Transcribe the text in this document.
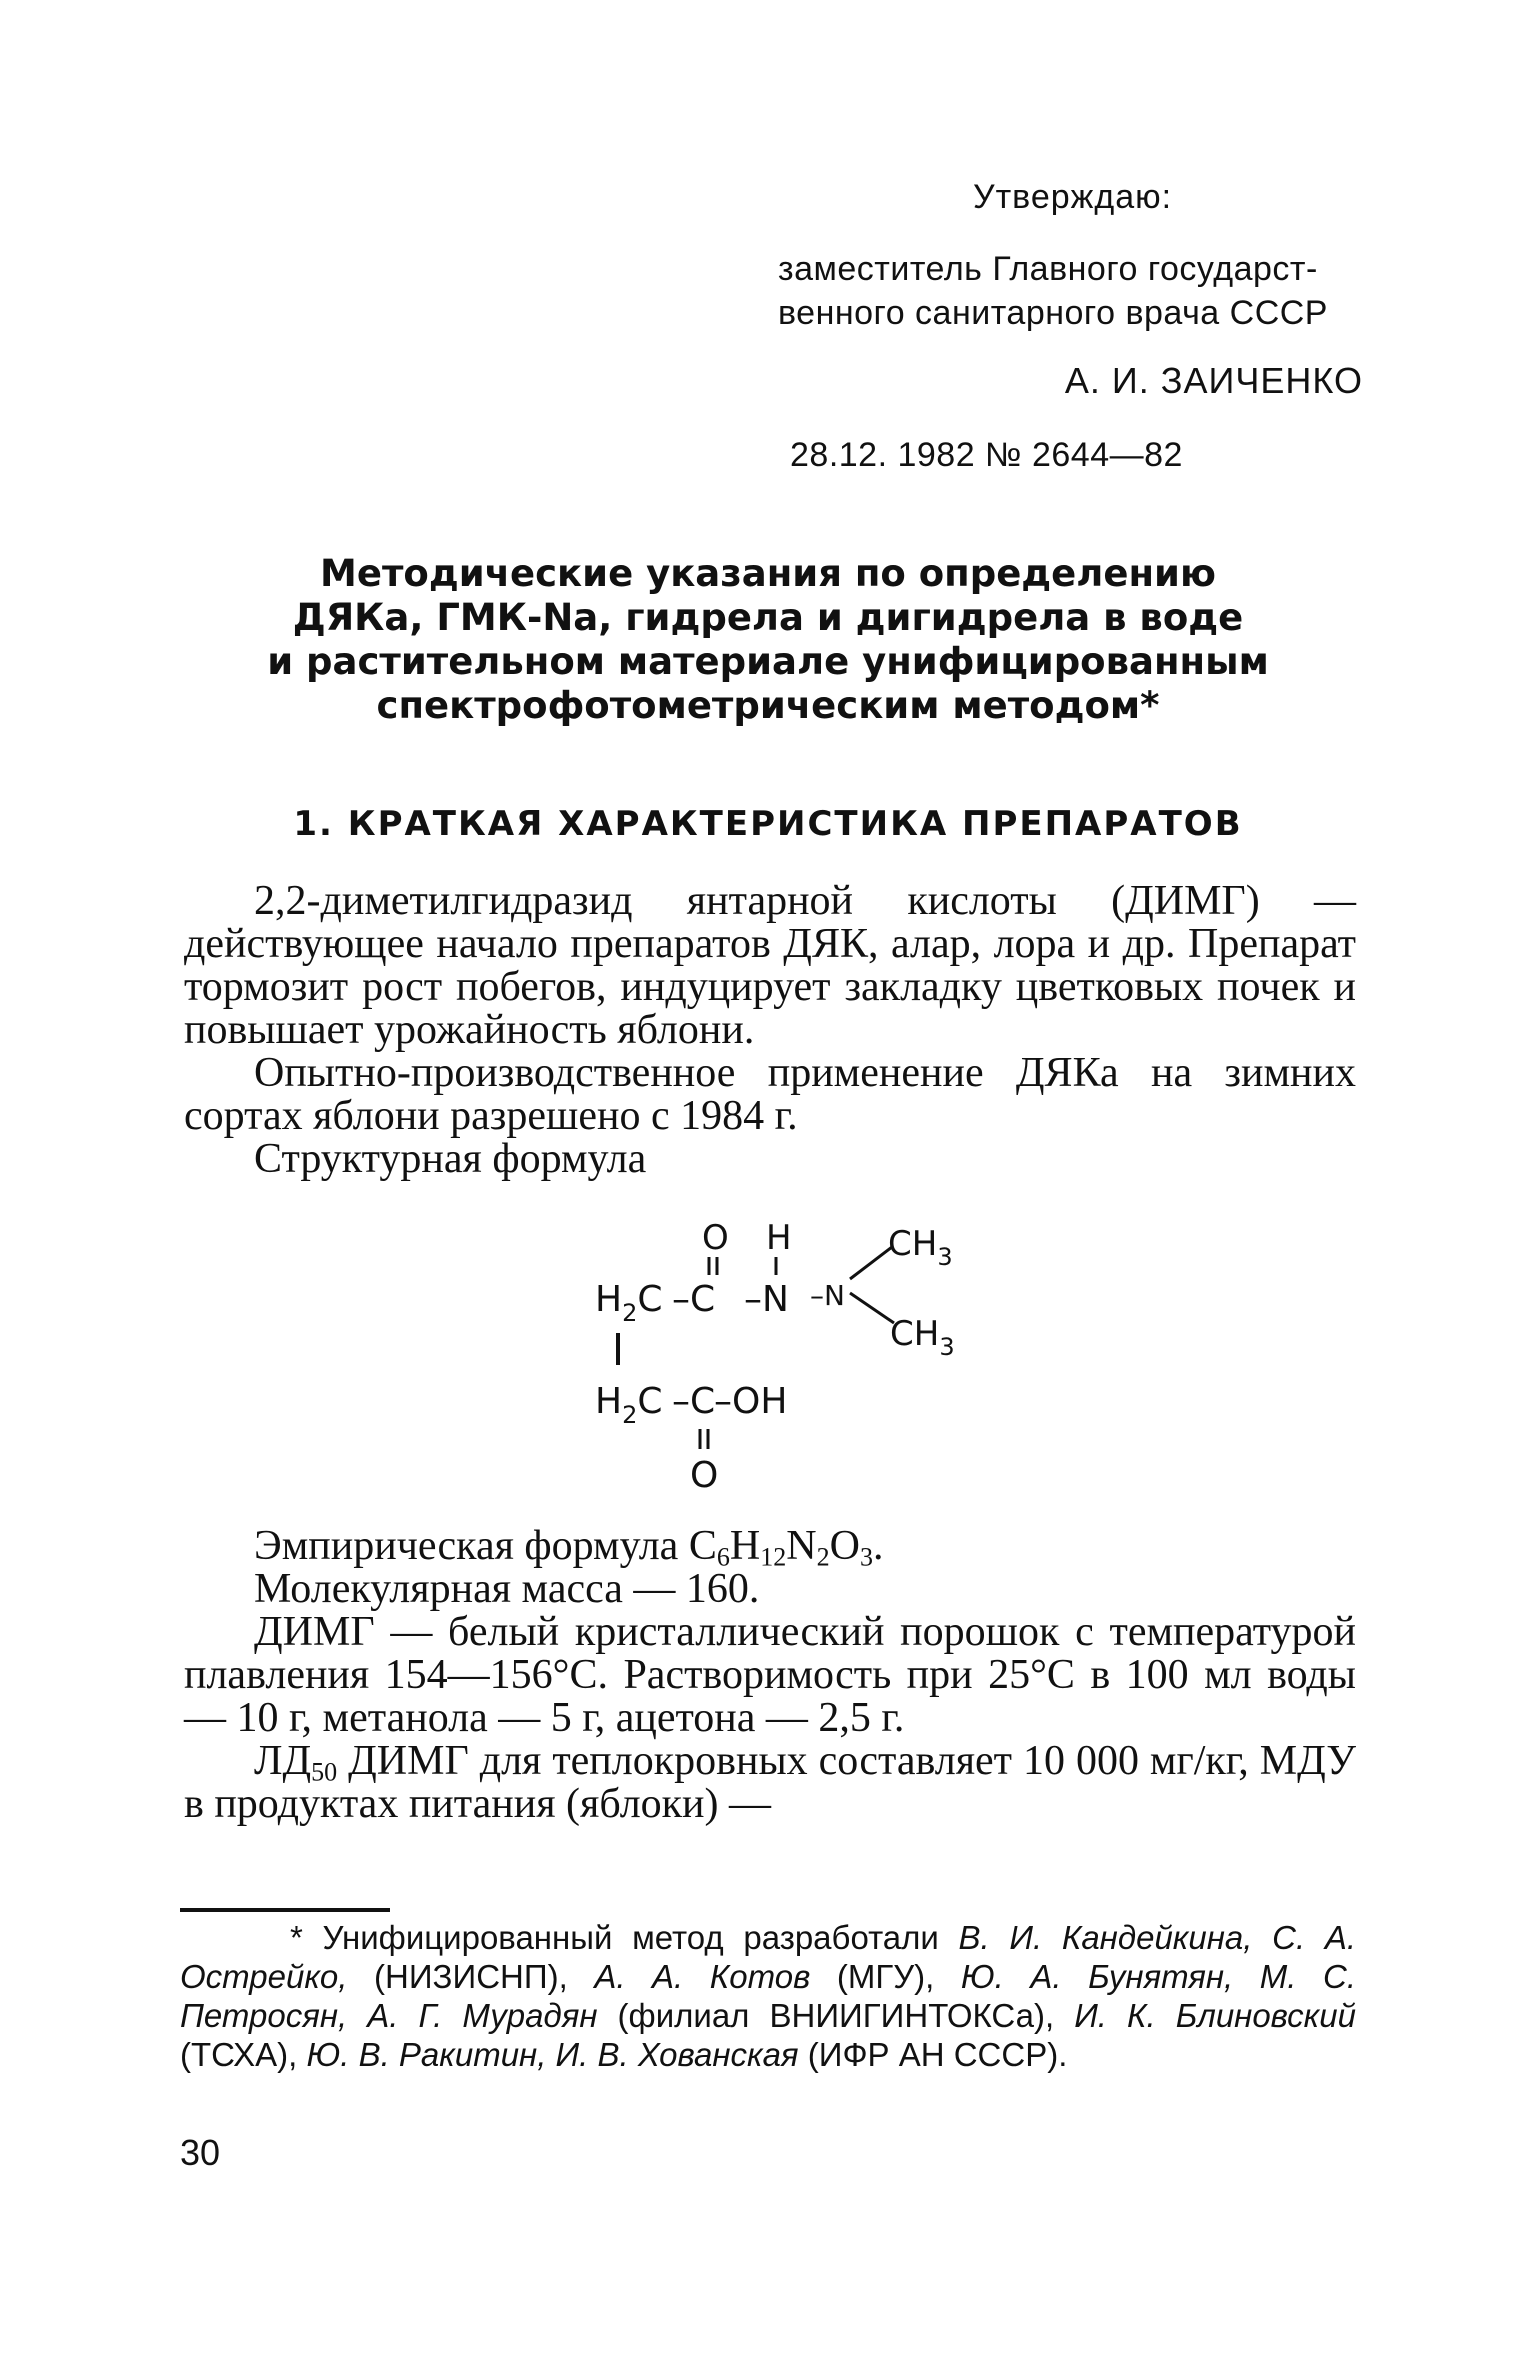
Утверждаю:
заместитель Главного государст-
венного санитарного врача СССР
А. И. ЗАИЧЕНКО
28.12. 1982 № 2644—82
Методические указания по определению
ДЯКа, ГМК-Na, гидрела и дигидрела в воде
и растительном материале унифицированным
спектрофотометрическим методом*
1. КРАТКАЯ ХАРАКТЕРИСТИКА ПРЕПАРАТОВ

2,2-диметилгидразид янтарной кислоты (ДИМГ) — действующее начало препаратов ДЯК, алар, лора и др. Препарат тормозит рост побегов, индуцирует закладку цветковых почек и повышает урожайность яблони.

Опытно-производственное применение ДЯКа на зимних сортах яблони разрешено с 1984 г.

Структурная формула

O H	$CH_3$
$H_2C$ –C –N –N
$CH_3$
$H_2C$ –C
–OH
O

Эмпирическая формула $C_6H_{12}N_2O_3$.

Молекулярная масса — 160.

ДИМГ — белый кристаллический порошок с температурой плавления 154—156°С. Растворимость при 25°С в 100 мл воды — 10 г, метанола — 5 г, ацетона — 2,5 г.

$ЛД_{50}$ ДИМГ для теплокровных составляет 10 000 мг/кг, МДУ в продуктах питания (яблоки) —

* Унифицированный метод разработали В. И. Кандейкина, С. А. Острейко, (НИЗИСНП), А. А. Котов (МГУ), Ю. А. Бунятян, М. С. Петросян, А. Г. Мурадян (филиал ВНИИГИНТОКСа), И. К. Блиновский (ТСХА), Ю. В. Ракитин, И. В. Хованская (ИФР АН СССР).
30
